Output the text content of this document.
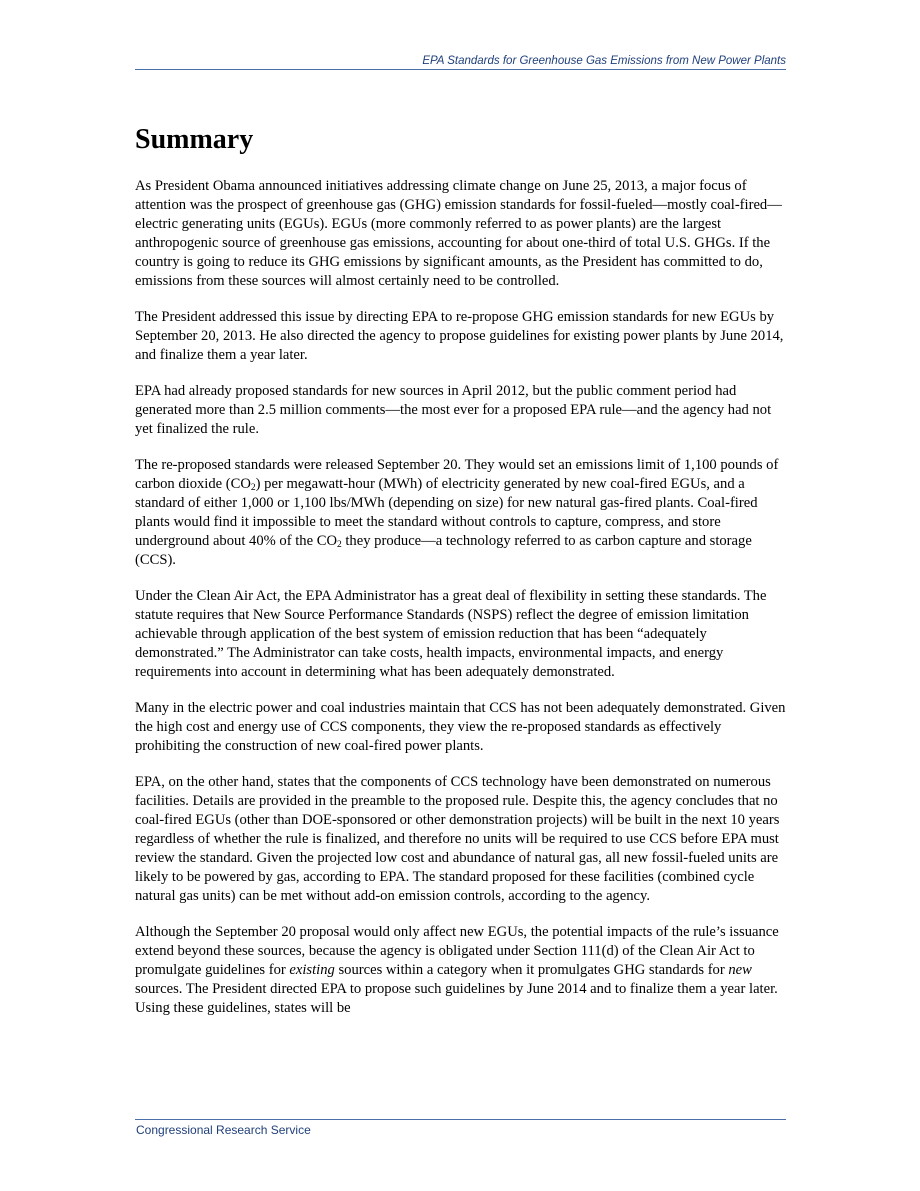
EPA Standards for Greenhouse Gas Emissions from New Power Plants
Summary

As President Obama announced initiatives addressing climate change on June 25, 2013, a major focus of attention was the prospect of greenhouse gas (GHG) emission standards for fossil-fueled—mostly coal-fired—electric generating units (EGUs). EGUs (more commonly referred to as power plants) are the largest anthropogenic source of greenhouse gas emissions, accounting for about one-third of total U.S. GHGs. If the country is going to reduce its GHG emissions by significant amounts, as the President has committed to do, emissions from these sources will almost certainly need to be controlled.

The President addressed this issue by directing EPA to re-propose GHG emission standards for new EGUs by September 20, 2013. He also directed the agency to propose guidelines for existing power plants by June 2014, and finalize them a year later.

EPA had already proposed standards for new sources in April 2012, but the public comment period had generated more than 2.5 million comments—the most ever for a proposed EPA rule—and the agency had not yet finalized the rule.

The re-proposed standards were released September 20. They would set an emissions limit of 1,100 pounds of carbon dioxide $(CO_2)$ per megawatt-hour (MWh) of electricity generated by new coal-fired EGUs, and a standard of either 1,000 or 1,100 lbs/MWh (depending on size) for new natural gas-fired plants. Coal-fired plants would find it impossible to meet the standard without controls to capture, compress, and store underground about 40% of the $CO_2$ they produce—a technology referred to as carbon capture and storage (CCS).

Under the Clean Air Act, the EPA Administrator has a great deal of flexibility in setting these standards. The statute requires that New Source Performance Standards (NSPS) reflect the degree of emission limitation achievable through application of the best system of emission reduction that has been “adequately demonstrated.” The Administrator can take costs, health impacts, environmental impacts, and energy requirements into account in determining what has been adequately demonstrated.

Many in the electric power and coal industries maintain that CCS has not been adequately demonstrated. Given the high cost and energy use of CCS components, they view the re-proposed standards as effectively prohibiting the construction of new coal-fired power plants.

EPA, on the other hand, states that the components of CCS technology have been demonstrated on numerous facilities. Details are provided in the preamble to the proposed rule. Despite this, the agency concludes that no coal-fired EGUs (other than DOE-sponsored or other demonstration projects) will be built in the next 10 years regardless of whether the rule is finalized, and therefore no units will be required to use CCS before EPA must review the standard. Given the projected low cost and abundance of natural gas, all new fossil-fueled units are likely to be powered by gas, according to EPA. The standard proposed for these facilities (combined cycle natural gas units) can be met without add-on emission controls, according to the agency.

Although the September 20 proposal would only affect new EGUs, the potential impacts of the rule’s issuance extend beyond these sources, because the agency is obligated under Section 111(d) of the Clean Air Act to promulgate guidelines for existing sources within a category when it promulgates GHG standards for new sources. The President directed EPA to propose such guidelines by June 2014 and to finalize them a year later. Using these guidelines, states will be

Congressional Research Service
